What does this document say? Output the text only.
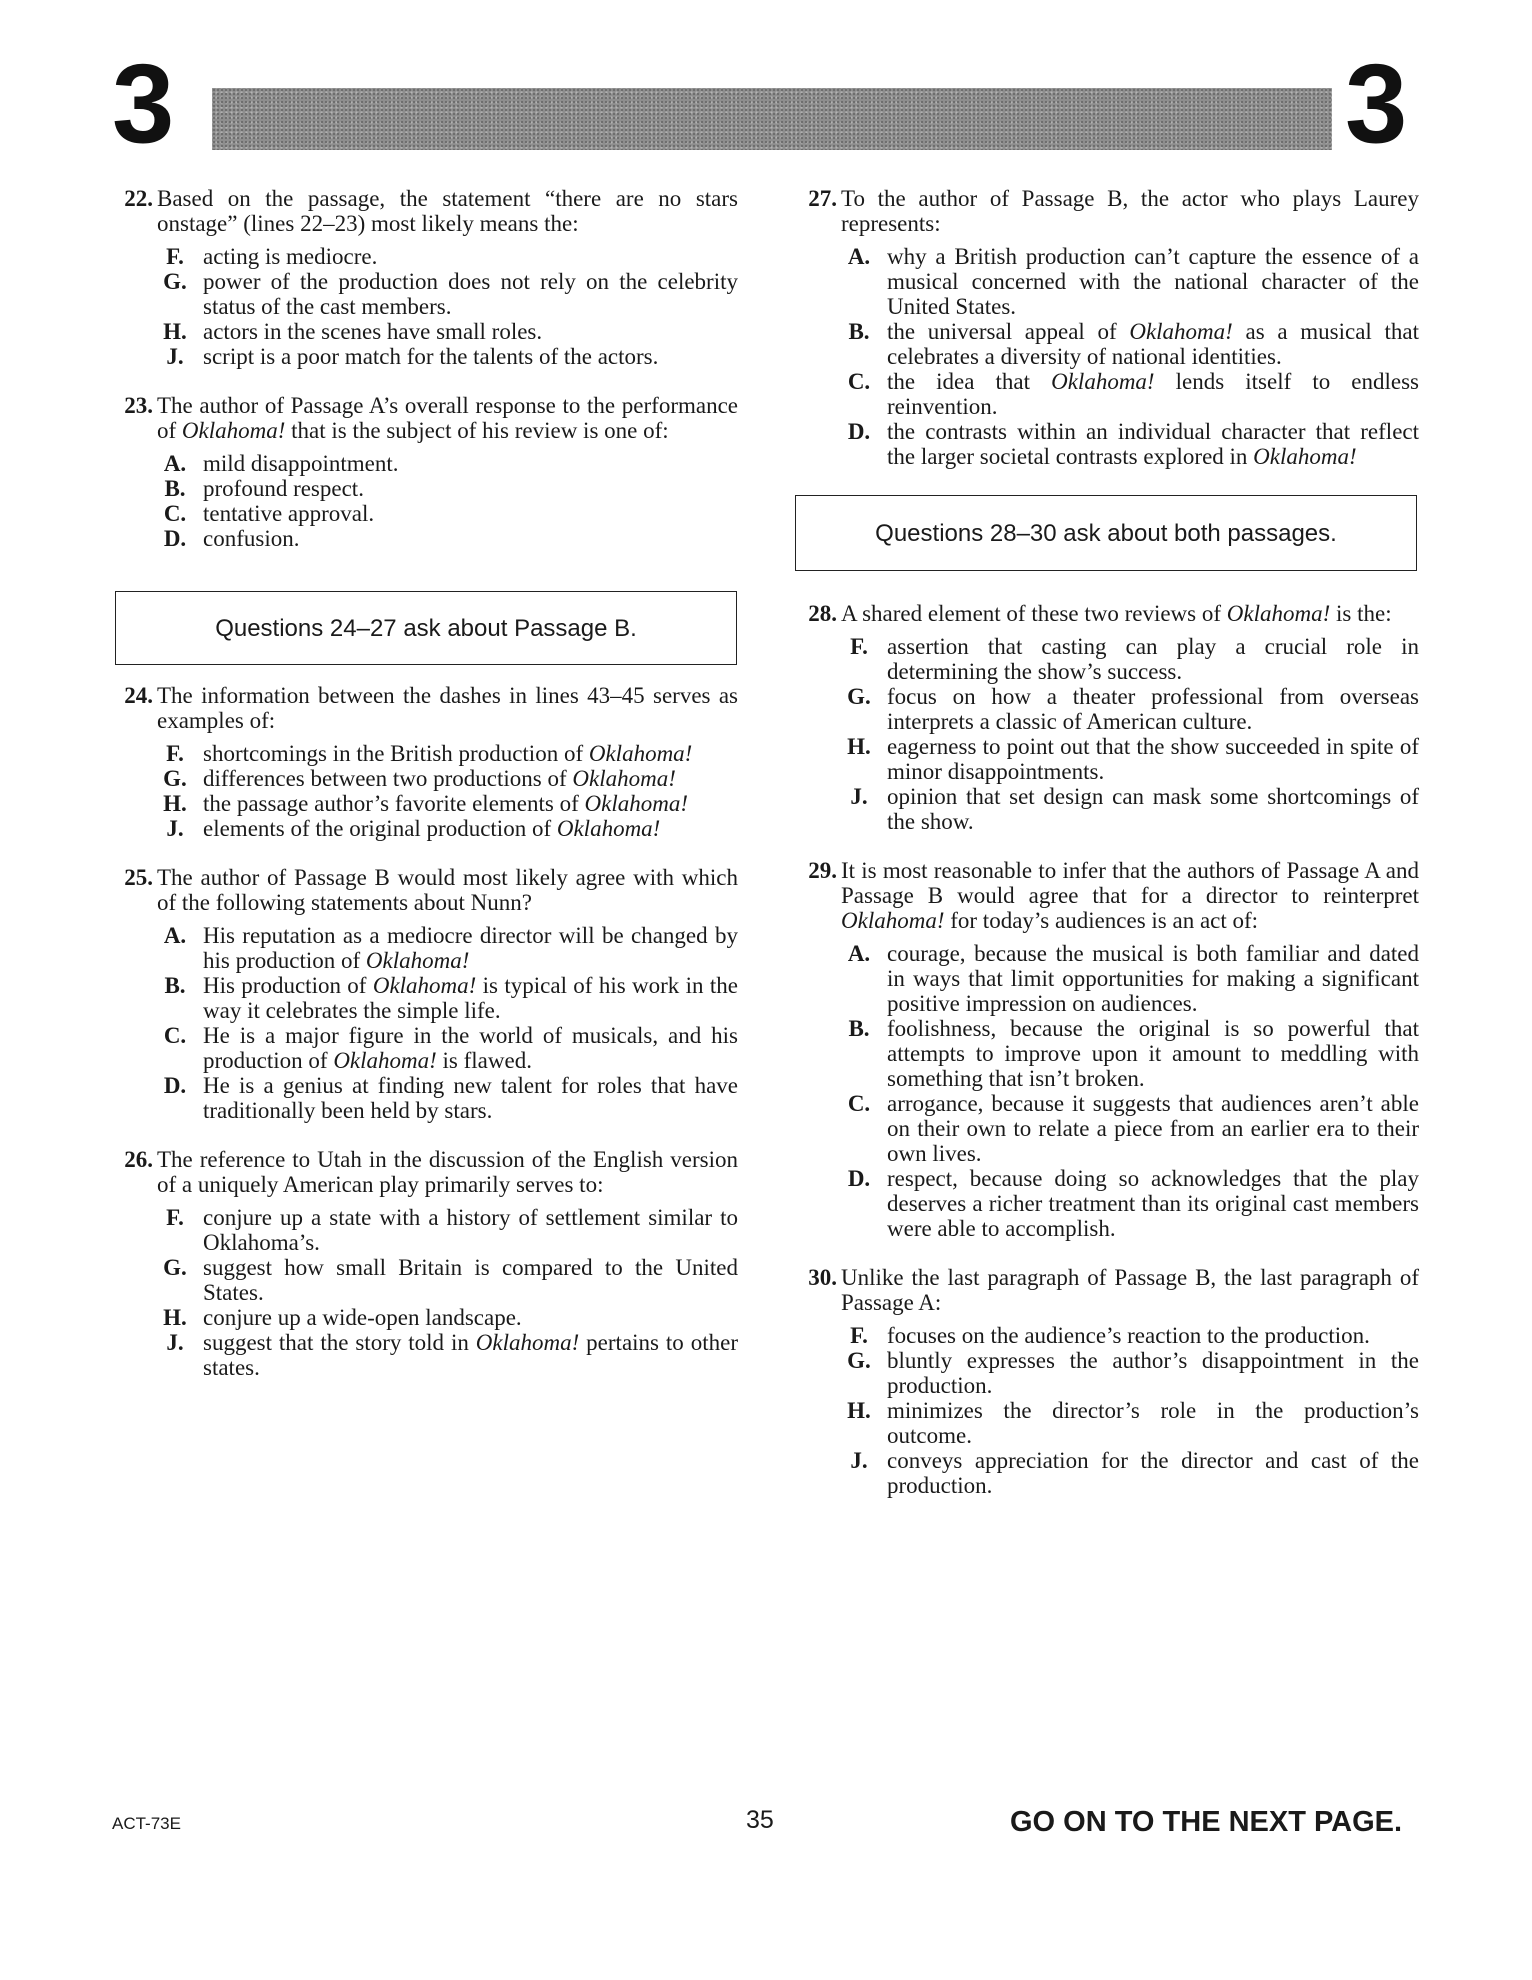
3	3
22. Based on the passage, the statement “there are no stars onstage” (lines 22–23) most likely means the:
F. acting is mediocre.
G. power of the production does not rely on the celebrity status of the cast members.
H. actors in the scenes have small roles.
J. script is a poor match for the talents of the actors.
23. The author of Passage A’s overall response to the performance of Oklahoma! that is the subject of his review is one of:
A. mild disappointment.
B. profound respect.
C. tentative approval.
D. confusion.
Questions 24–27 ask about Passage B.
24. The information between the dashes in lines 43–45 serves as examples of:
F. shortcomings in the British production of Oklahoma!
G. differences between two productions of Oklahoma!
H. the passage author’s favorite elements of Oklahoma!
J. elements of the original production of Oklahoma!
25. The author of Passage B would most likely agree with which of the following statements about Nunn?
A. His reputation as a mediocre director will be changed by his production of Oklahoma!
B. His production of Oklahoma! is typical of his work in the way it celebrates the simple life.
C. He is a major figure in the world of musicals, and his production of Oklahoma! is flawed.
D. He is a genius at finding new talent for roles that have traditionally been held by stars.
26. The reference to Utah in the discussion of the English version of a uniquely American play primarily serves to:
F. conjure up a state with a history of settlement similar to Oklahoma’s.
G. suggest how small Britain is compared to the United States.
H. conjure up a wide-open landscape.
J. suggest that the story told in Oklahoma! pertains to other states.
27. To the author of Passage B, the actor who plays Laurey represents:
A. why a British production can’t capture the essence of a musical concerned with the national character of the United States.
B. the universal appeal of Oklahoma! as a musical that celebrates a diversity of national identities.
C. the idea that Oklahoma! lends itself to endless reinvention.
D. the contrasts within an individual character that reflect the larger societal contrasts explored in Oklahoma!
Questions 28–30 ask about both passages.
28. A shared element of these two reviews of Oklahoma! is the:
F. assertion that casting can play a crucial role in determining the show’s success.
G. focus on how a theater professional from overseas interprets a classic of American culture.
H. eagerness to point out that the show succeeded in spite of minor disappointments.
J. opinion that set design can mask some shortcomings of the show.
29. It is most reasonable to infer that the authors of Passage A and Passage B would agree that for a director to reinterpret Oklahoma! for today’s audiences is an act of:
A. courage, because the musical is both familiar and dated in ways that limit opportunities for making a significant positive impression on audiences.
B. foolishness, because the original is so powerful that attempts to improve upon it amount to meddling with something that isn’t broken.
C. arrogance, because it suggests that audiences aren’t able on their own to relate a piece from an earlier era to their own lives.
D. respect, because doing so acknowledges that the play deserves a richer treatment than its original cast members were able to accomplish.
30. Unlike the last paragraph of Passage B, the last paragraph of Passage A:
F. focuses on the audience’s reaction to the production.
G. bluntly expresses the author’s disappointment in the production.
H. minimizes the director’s role in the production’s outcome.
J. conveys appreciation for the director and cast of the production.
ACT-73E	35	GO ON TO THE NEXT PAGE.
